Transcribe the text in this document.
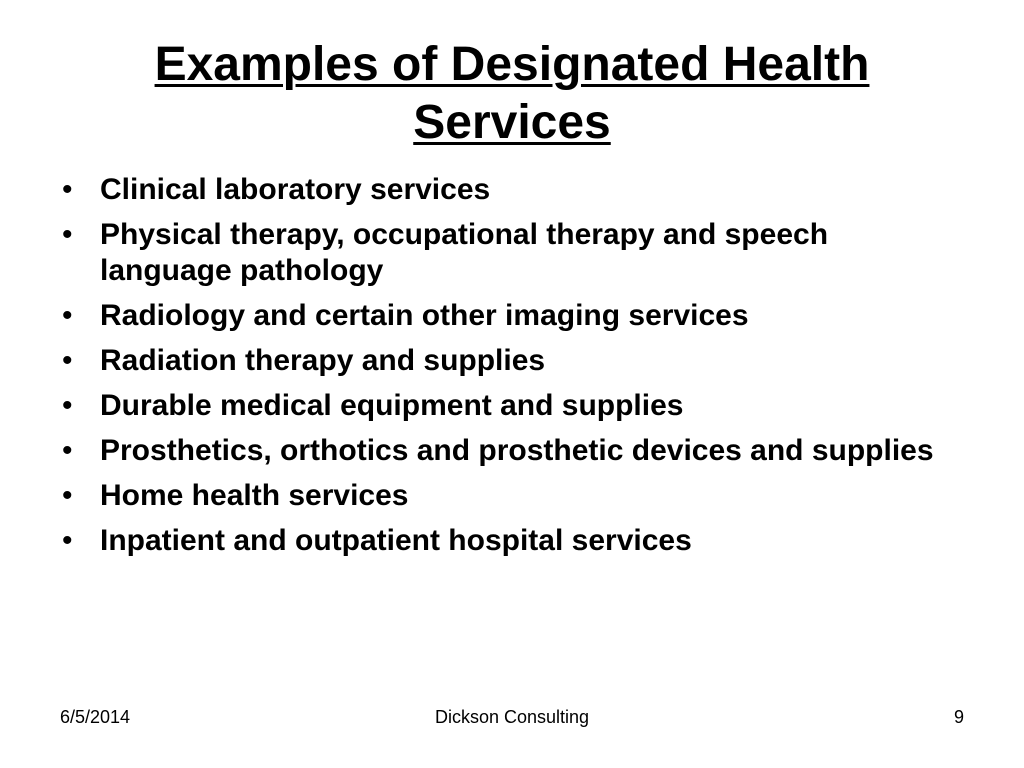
Examples of Designated Health
Services
• Clinical laboratory services
• Physical therapy, occupational therapy and speech language pathology
• Radiology and certain other imaging services
• Radiation therapy and supplies
• Durable medical equipment and supplies
• Prosthetics, orthotics and prosthetic devices and supplies
• Home health services
• Inpatient and outpatient hospital services
6/5/2014	Dickson Consulting	9
